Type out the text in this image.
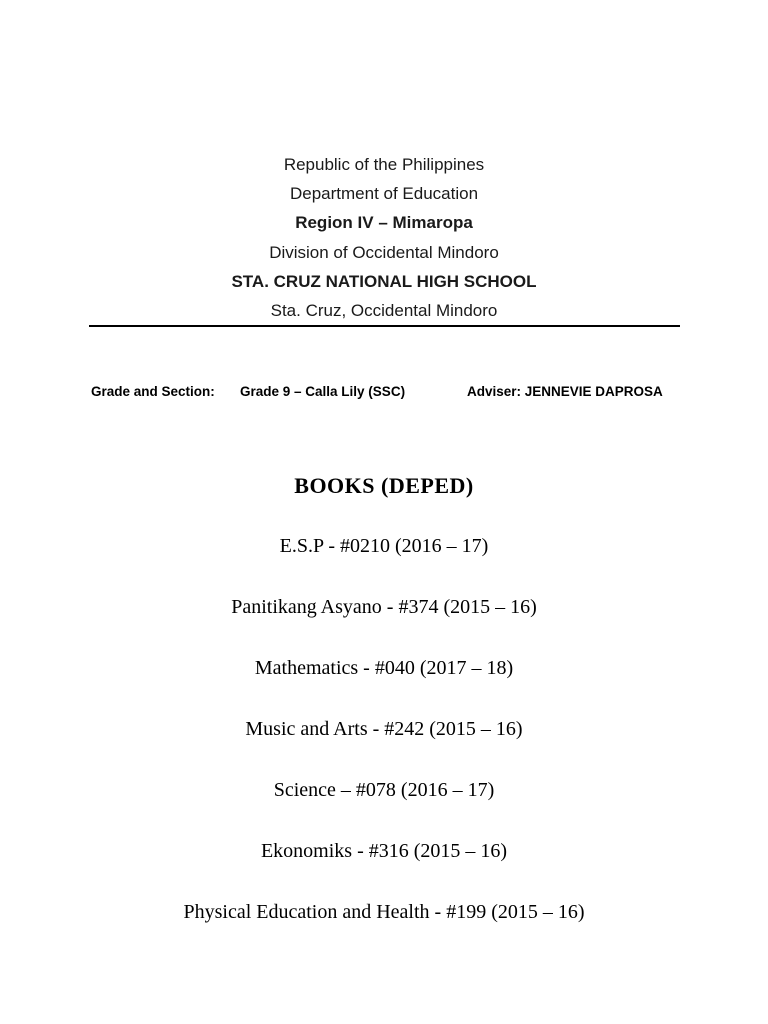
Republic of the Philippines
Department of Education
Region IV – Mimaropa
Division of Occidental Mindoro
STA. CRUZ NATIONAL HIGH SCHOOL
Sta. Cruz, Occidental Mindoro
Grade and Section: Grade 9 – Calla Lily (SSC)	Adviser: JENNEVIE DAPROSA
BOOKS (DEPED)
E.S.P - #0210 (2016 – 17)
Panitikang Asyano - #374 (2015 – 16)
Mathematics - #040 (2017 – 18)
Music and Arts - #242 (2015 – 16)
Science – #078 (2016 – 17)
Ekonomiks - #316 (2015 – 16)
Physical Education and Health - #199 (2015 – 16)
